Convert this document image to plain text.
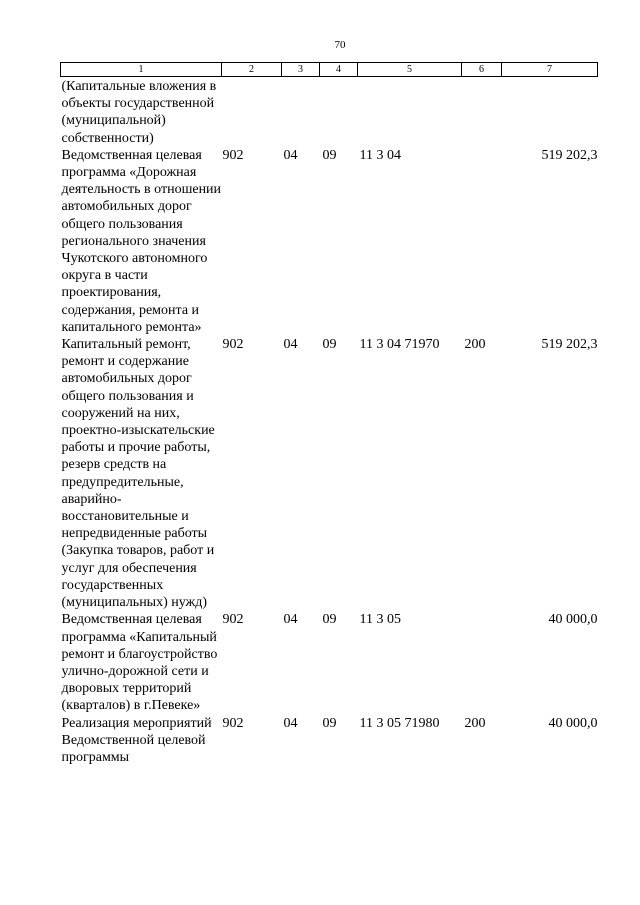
70
1	2	3	4	5	6	7
(Капитальные вложения в объекты государственной (муниципальной) собственности)						
Ведомственная целевая программа «Дорожная деятельность в отношении автомобильных дорог общего пользования регионального значения Чукотского автономного округа в части проектирования, содержания, ремонта и капитального ремонта»	902	04	09	11 3 04		519 202,3
Капитальный ремонт, ремонт и содержание автомобильных дорог общего пользования и сооружений на них, проектно-изыскательские работы и прочие работы, резерв средств на предупредительные, аварийно-восстановительные и непредвиденные работы (Закупка товаров, работ и услуг для обеспечения государственных (муниципальных) нужд)	902	04	09	11 3 04 71970	200	519 202,3
Ведомственная целевая программа «Капитальный ремонт и благоустройство улично-дорожной сети и дворовых территорий (кварталов) в г.Певеке»	902	04	09	11 3 05		40 000,0
Реализация мероприятий Ведомственной целевой программы	902	04	09	11 3 05 71980	200	40 000,0
